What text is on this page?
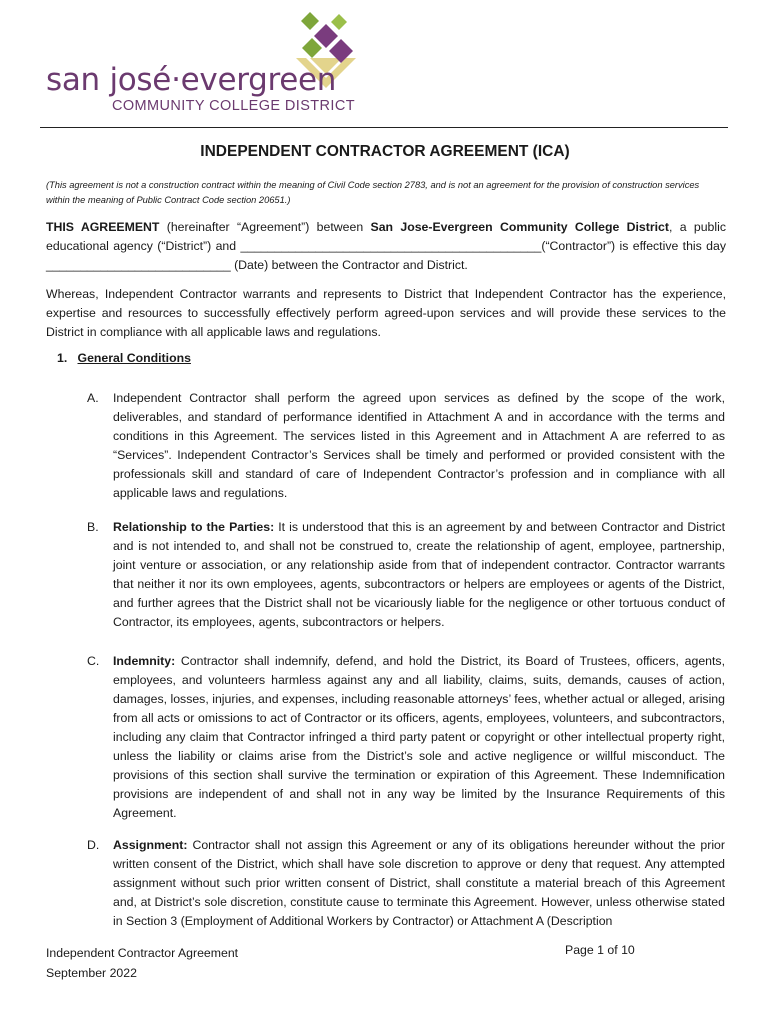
san josé·evergreen
COMMUNITY COLLEGE DISTRICT
INDEPENDENT CONTRACTOR AGREEMENT (ICA)
(This agreement is not a construction contract within the meaning of Civil Code section 2783, and is not an agreement for the provision of construction services within the meaning of Public Contract Code section 20651.)
THIS AGREEMENT (hereinafter “Agreement”) between San Jose-Evergreen Community College District, a public educational agency (“District”) and ____________________________________________(“Contractor”) is effective this day ___________________________ (Date) between the Contractor and District.
Whereas, Independent Contractor warrants and represents to District that Independent Contractor has the experience, expertise and resources to successfully effectively perform agreed-upon services and will provide these services to the District in compliance with all applicable laws and regulations.
1. General Conditions
A.	Independent Contractor shall perform the agreed upon services as defined by the scope of the work, deliverables, and standard of performance identified in Attachment A and in accordance with the terms and conditions in this Agreement. The services listed in this Agreement and in Attachment A are referred to as “Services”. Independent Contractor’s Services shall be timely and performed or provided consistent with the professionals skill and standard of care of Independent Contractor’s profession and in compliance with all applicable laws and regulations.
B.	Relationship to the Parties: It is understood that this is an agreement by and between Contractor and District and is not intended to, and shall not be construed to, create the relationship of agent, employee, partnership, joint venture or association, or any relationship aside from that of independent contractor. Contractor warrants that neither it nor its own employees, agents, subcontractors or helpers are employees or agents of the District, and further agrees that the District shall not be vicariously liable for the negligence or other tortuous conduct of Contractor, its employees, agents, subcontractors or helpers.
C.	Indemnity: Contractor shall indemnify, defend, and hold the District, its Board of Trustees, officers, agents, employees, and volunteers harmless against any and all liability, claims, suits, demands, causes of action, damages, losses, injuries, and expenses, including reasonable attorneys’ fees, whether actual or alleged, arising from all acts or omissions to act of Contractor or its officers, agents, employees, volunteers, and subcontractors, including any claim that Contractor infringed a third party patent or copyright or other intellectual property right, unless the liability or claims arise from the District’s sole and active negligence or willful misconduct. The provisions of this section shall survive the termination or expiration of this Agreement. These Indemnification provisions are independent of and shall not in any way be limited by the Insurance Requirements of this Agreement.
D.	Assignment: Contractor shall not assign this Agreement or any of its obligations hereunder without the prior written consent of the District, which shall have sole discretion to approve or deny that request. Any attempted assignment without such prior written consent of District, shall constitute a material breach of this Agreement and, at District’s sole discretion, constitute cause to terminate this Agreement. However, unless otherwise stated in Section 3 (Employment of Additional Workers by Contractor) or Attachment A (Description
Independent Contractor Agreement
September 2022
Page 1 of 10
